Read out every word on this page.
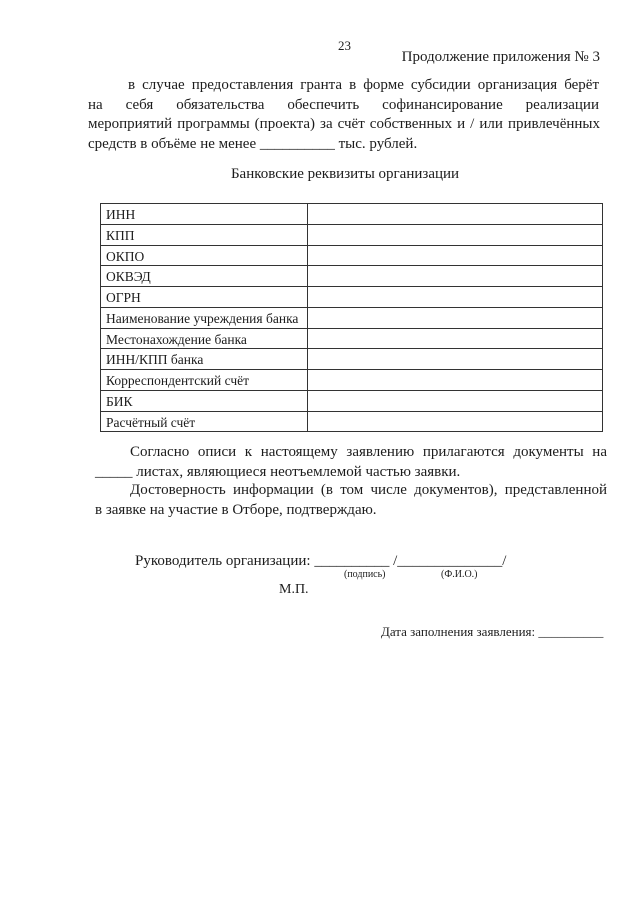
23
Продолжение приложения № 3
в случае предоставления гранта в форме субсидии организация берёт
на себя обязательства обеспечить софинансирование реализации
мероприятий программы (проекта) за счёт собственных и / или привлечённых
средств в объёме не менее __________ тыс. рублей.
Банковские реквизиты организации
ИНН
КПП
ОКПО
ОКВЭД
ОГРН
Наименование учреждения банка
Местонахождение банка
ИНН/КПП банка
Корреспондентский счёт
БИК
Расчётный счёт
Согласно описи к настоящему заявлению прилагаются документы на
_____ листах, являющиеся неотъемлемой частью заявки.
Достоверность информации (в том числе документов), представленной
в заявке на участие в Отборе, подтверждаю.
Руководитель организации: __________ /______________/
(подпись)	(Ф.И.О.)
М.П.
Дата заполнения заявления: __________
